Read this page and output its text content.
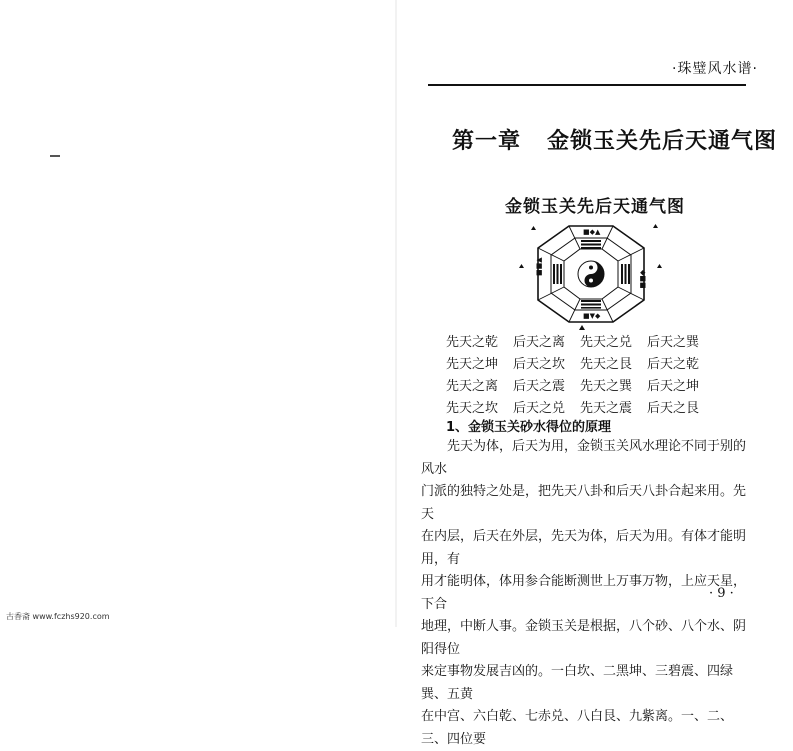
·珠璧风水谱·
第一章 金锁玉关先后天通气图
金锁玉关先后天通气图
■◆▲
■▼◆
■■▲
◆■■
先天之乾	后天之离	先天之兑	后天之巽
先天之坤	后天之坎	先天之艮	后天之乾
先天之离	后天之震	先天之巽	后天之坤
先天之坎	后天之兑	先天之震	后天之艮
1、金锁玉关砂水得位的原理

先天为体，后天为用，金锁玉关风水理论不同于别的风水

门派的独特之处是，把先天八卦和后天八卦合起来用。先天

在内层，后天在外层，先天为体，后天为用。有体才能明用，有

用才能明体，体用参合能断测世上万事万物，上应天星，下合

地理，中断人事。金锁玉关是根据，八个砂、八个水、阴阳得位

来定事物发展吉凶的。一白坎、二黑坤、三碧震、四绿巽、五黄

在中宫、六白乾、七赤兑、八白艮、九紫离。一、二、三、四位要

· 9 ·
古香斋 www.fczhs920.com
